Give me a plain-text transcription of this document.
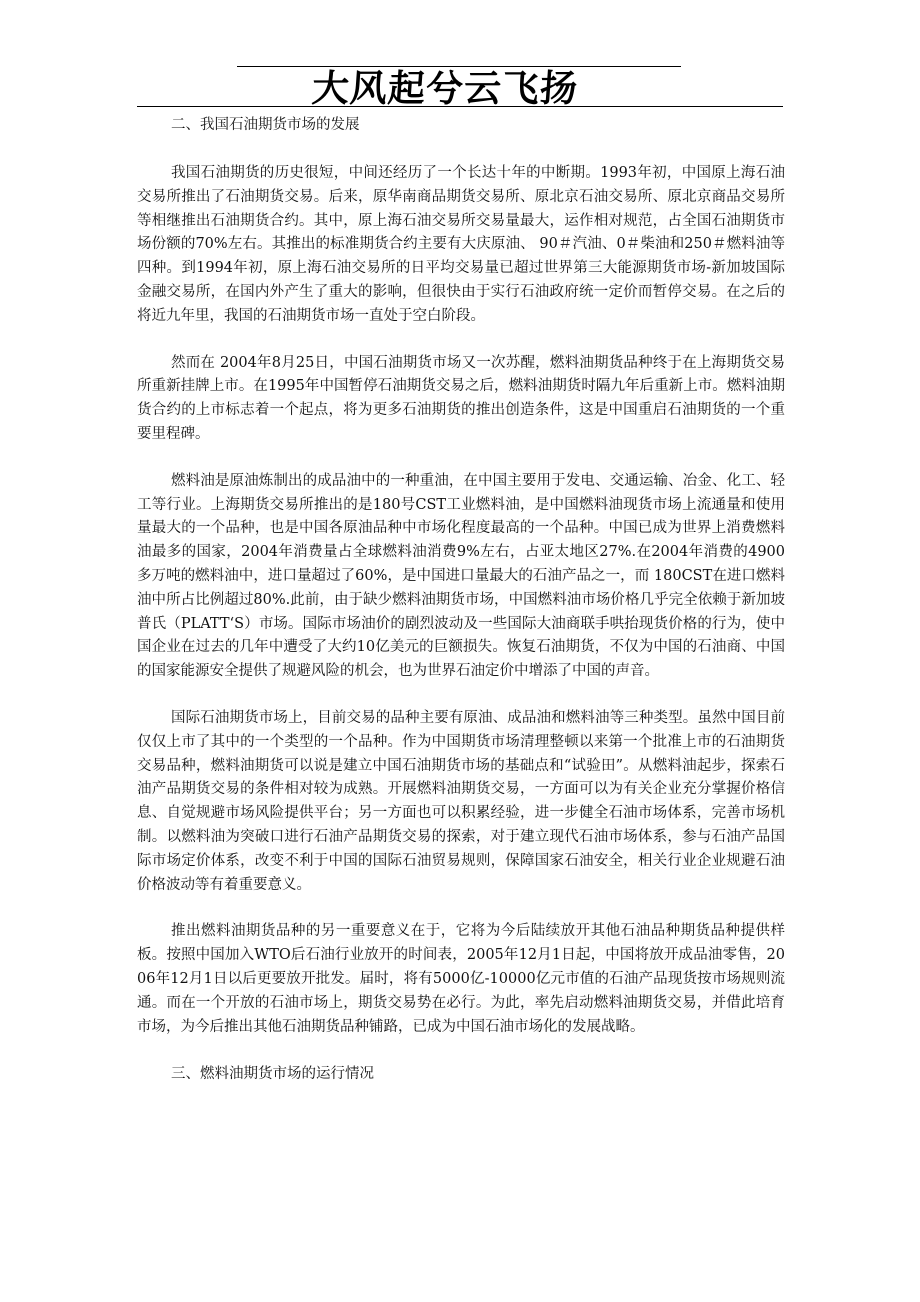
大风起兮云飞扬

二、我国石油期货市场的发展

我国石油期货的历史很短，中间还经历了一个长达十年的中断期。1993年初，中国原上海石油交易所推出了石油期货交易。后来，原华南商品期货交易所、原北京石油交易所、原北京商品交易所等相继推出石油期货合约。其中，原上海石油交易所交易量最大，运作相对规范，占全国石油期货市场份额的70%左右。其推出的标准期货合约主要有大庆原油、 90＃汽油、0＃柴油和250＃燃料油等四种。到1994年初，原上海石油交易所的日平均交易量已超过世界第三大能源期货市场-新加坡国际金融交易所，在国内外产生了重大的影响，但很快由于实行石油政府统一定价而暂停交易。在之后的将近九年里，我国的石油期货市场一直处于空白阶段。

然而在 2004年8月25日，中国石油期货市场又一次苏醒，燃料油期货品种终于在上海期货交易所重新挂牌上市。在1995年中国暂停石油期货交易之后，燃料油期货时隔九年后重新上市。燃料油期货合约的上市标志着一个起点，将为更多石油期货的推出创造条件，这是中国重启石油期货的一个重要里程碑。

燃料油是原油炼制出的成品油中的一种重油，在中国主要用于发电、交通运输、冶金、化工、轻工等行业。上海期货交易所推出的是180号CST工业燃料油，是中国燃料油现货市场上流通量和使用量最大的一个品种，也是中国各原油品种中市场化程度最高的一个品种。中国已成为世界上消费燃料油最多的国家，2004年消费量占全球燃料油消费9%左右，占亚太地区27%.在2004年消费的4900多万吨的燃料油中，进口量超过了60%，是中国进口量最大的石油产品之一，而 180CST在进口燃料油中所占比例超过80%.此前，由于缺少燃料油期货市场，中国燃料油市场价格几乎完全依赖于新加坡普氏（PLATT‘S）市场。国际市场油价的剧烈波动及一些国际大油商联手哄抬现货价格的行为，使中国企业在过去的几年中遭受了大约10亿美元的巨额损失。恢复石油期货，不仅为中国的石油商、中国的国家能源安全提供了规避风险的机会，也为世界石油定价中增添了中国的声音。

国际石油期货市场上，目前交易的品种主要有原油、成品油和燃料油等三种类型。虽然中国目前仅仅上市了其中的一个类型的一个品种。作为中国期货市场清理整顿以来第一个批准上市的石油期货交易品种，燃料油期货可以说是建立中国石油期货市场的基础点和“试验田”。从燃料油起步，探索石油产品期货交易的条件相对较为成熟。开展燃料油期货交易，一方面可以为有关企业充分掌握价格信息、自觉规避市场风险提供平台；另一方面也可以积累经验，进一步健全石油市场体系，完善市场机制。以燃料油为突破口进行石油产品期货交易的探索，对于建立现代石油市场体系，参与石油产品国际市场定价体系，改变不利于中国的国际石油贸易规则，保障国家石油安全，相关行业企业规避石油价格波动等有着重要意义。

推出燃料油期货品种的另一重要意义在于，它将为今后陆续放开其他石油品种期货品种提供样板。按照中国加入WTO后石油行业放开的时间表，2005年12月1日起，中国将放开成品油零售，2006年12月1日以后更要放开批发。届时，将有5000亿-10000亿元市值的石油产品现货按市场规则流通。而在一个开放的石油市场上，期货交易势在必行。为此，率先启动燃料油期货交易，并借此培育市场，为今后推出其他石油期货品种铺路，已成为中国石油市场化的发展战略。

三、燃料油期货市场的运行情况
